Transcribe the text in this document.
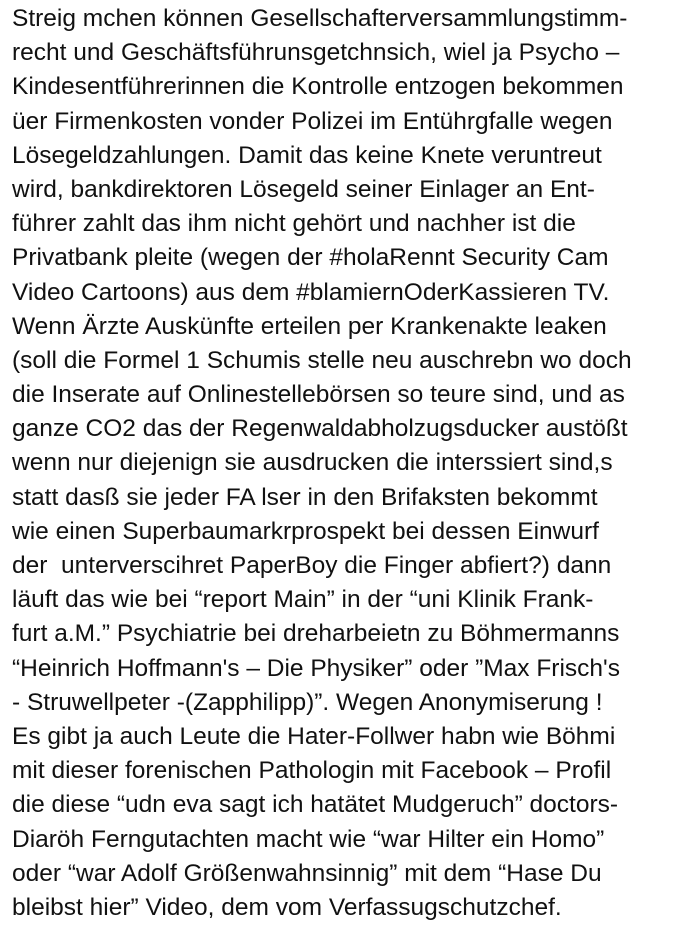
Streig mchen können Gesellschafterversammlungstimm-
recht und Geschäftsführunsgetchnsich, wiel ja Psycho –
Kindesentführerinnen die Kontrolle entzogen bekommen
üer Firmenkosten vonder Polizei im Entührgfalle wegen
Lösegeldzahlungen. Damit das keine Knete veruntreut
wird, bankdirektoren Lösegeld seiner Einlager an Ent-
führer zahlt das ihm nicht gehört und nachher ist die
Privatbank pleite (wegen der #holaRennt Security Cam
Video Cartoons) aus dem #blamiernOderKassieren TV.
Wenn Ärzte Auskünfte erteilen per Krankenakte leaken
(soll die Formel 1 Schumis stelle neu auschrebn wo doch
die Inserate auf Onlinestellebörsen so teure sind, und as
ganze CO2 das der Regenwaldabholzugsducker austößt
wenn nur diejenign sie ausdrucken die interssiert sind,s
statt dasß sie jeder FA lser in den Brifaksten bekommt
wie einen Superbaumarkrprospekt bei dessen Einwurf
der  unterverscihret PaperBoy die Finger abfiert?) dann
läuft das wie bei “report Main” in der “uni Klinik Frank-
furt a.M.” Psychiatrie bei dreharbeietn zu Böhmermanns
“Heinrich Hoffmann's – Die Physiker” oder ”Max Frisch's
- Struwellpeter -(Zapphilipp)”. Wegen Anonymiserung !
Es gibt ja auch Leute die Hater-Follwer habn wie Böhmi
mit dieser forenischen Pathologin mit Facebook – Profil
die diese “udn eva sagt ich hatätet Mudgeruch” doctors-
Diaröh Ferngutachten macht wie “war Hilter ein Homo”
oder “war Adolf Größenwahnsinnig” mit dem “Hase Du
bleibst hier” Video, dem vom Verfassugschutzchef.
